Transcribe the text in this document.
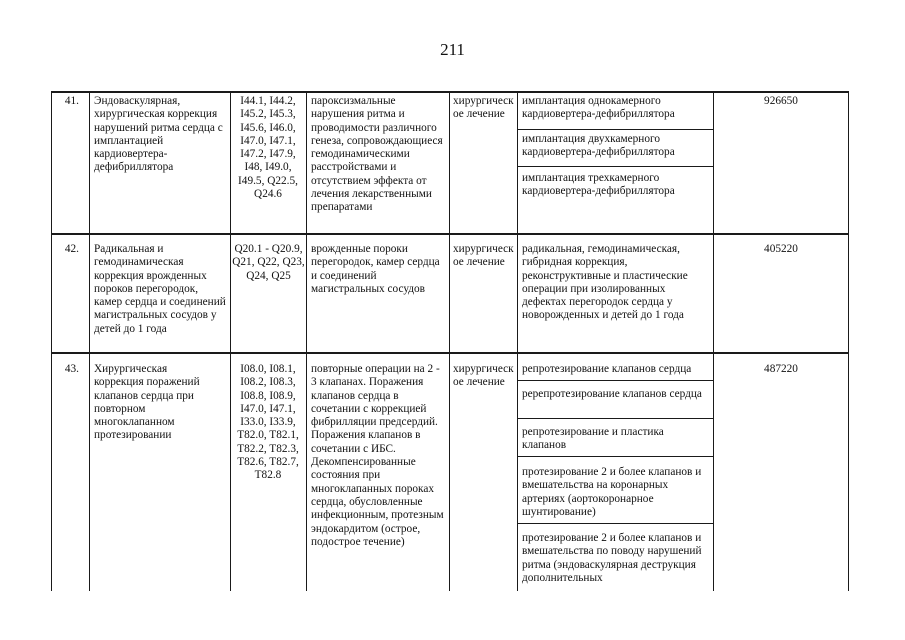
211
41. Эндоваскулярная, хирургическая коррекция нарушений ритма сердца с имплантацией кардиовертера-дефибриллятора
I44.1, I44.2, I45.2, I45.3, I45.6, I46.0, I47.0, I47.1, I47.2, I47.9, I48, I49.0, I49.5, Q22.5, Q24.6
пароксизмальные нарушения ритма и проводимости различного генеза, сопровождающиеся гемодинамическими расстройствами и отсутствием эффекта от лечения лекарственными препаратами
хирургическое лечение
имплантация однокамерного кардиовертера-дефибриллятора
имплантация двухкамерного кардиовертера-дефибриллятора
имплантация трехкамерного кардиовертера-дефибриллятора
926650
42. Радикальная и гемодинамическая коррекция врожденных пороков перегородок, камер сердца и соединений магистральных сосудов у детей до 1 года
Q20.1 - Q20.9, Q21, Q22, Q23, Q24, Q25
врожденные пороки перегородок, камер сердца и соединений магистральных сосудов
хирургическое лечение
радикальная, гемодинамическая, гибридная коррекция, реконструктивные и пластические операции при изолированных дефектах перегородок сердца у новорожденных и детей до 1 года
405220
43. Хирургическая коррекция поражений клапанов сердца при повторном многоклапанном протезировании
I08.0, I08.1, I08.2, I08.3, I08.8, I08.9, I47.0, I47.1, I33.0, I33.9, T82.0, T82.1, T82.2, T82.3, T82.6, T82.7, T82.8
повторные операции на 2 - 3 клапанах. Поражения клапанов сердца в сочетании с коррекцией фибрилляции предсердий. Поражения клапанов в сочетании с ИБС. Декомпенсированные состояния при многоклапанных пороках сердца, обусловленные инфекционным, протезным эндокардитом (острое, подострое течение)
хирургическое лечение
репротезирование клапанов сердца
ререпротезирование клапанов сердца
репротезирование и пластика клапанов
протезирование 2 и более клапанов и вмешательства на коронарных артериях (аортокоронарное шунтирование)
протезирование 2 и более клапанов и вмешательства по поводу нарушений ритма (эндоваскулярная деструкция дополнительных
487220
